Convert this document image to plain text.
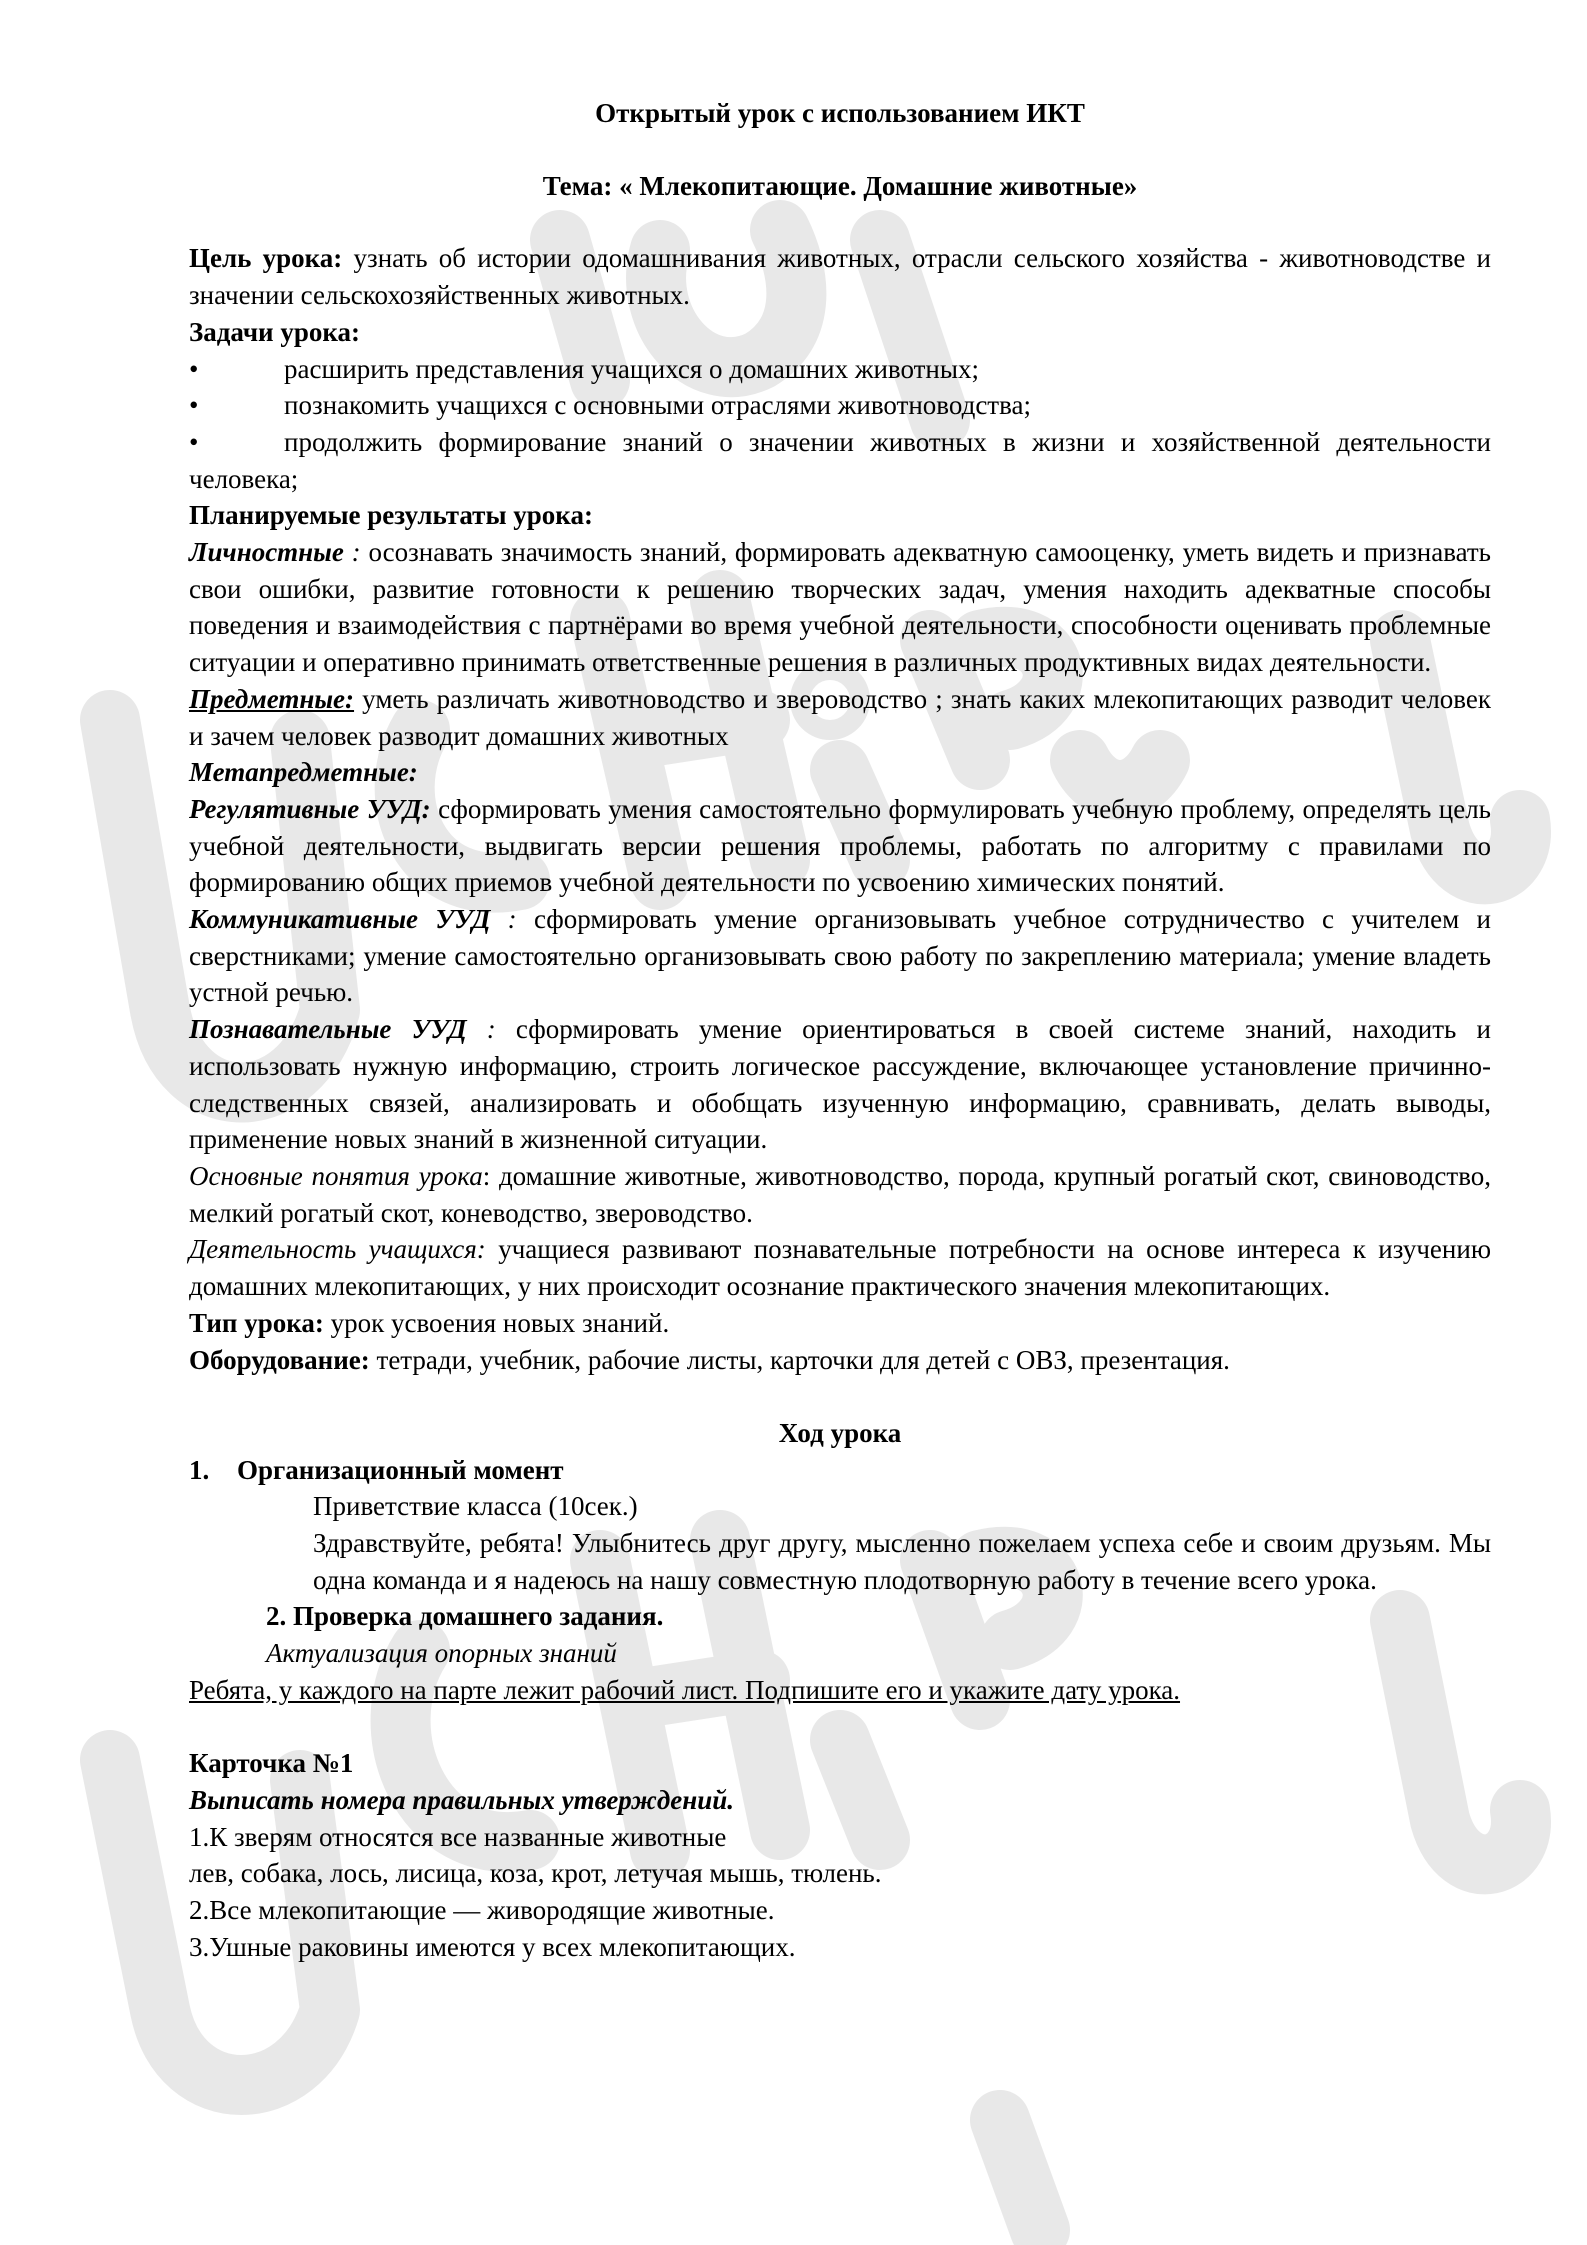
Открытый урок с использованием ИКТ
Тема: « Млекопитающие. Домашние животные»

Цель урока: узнать об истории одомашнивания животных, отрасли сельского хозяйства - животноводстве и значении сельскохозяйственных животных.

Задачи урока:

•	расширить представления учащихся о домашних животных;
•	познакомить учащихся с основными отраслями животноводства;

•	продолжить формирование знаний о значении животных в жизни и хозяйственной деятельности человека;

Планируемые результаты урока:

Личностные : осознавать значимость знаний, формировать адекватную самооценку, уметь видеть и признавать свои ошибки, развитие готовности к решению творческих задач, умения находить адекватные способы поведения и взаимодействия с партнёрами во время учебной деятельности, способности оценивать проблемные ситуации и оперативно принимать ответственные решения в различных продуктивных видах деятельности.

Предметные: уметь различать животноводство и звероводство ; знать каких млекопитающих разводит человек и зачем человек разводит домашних животных

Метапредметные:

Регулятивные УУД: сформировать умения самостоятельно формулировать учебную проблему, определять цель учебной деятельности, выдвигать версии решения проблемы, работать по алгоритму с правилами по формированию общих приемов учебной деятельности по усвоению химических понятий.

Коммуникативные УУД : сформировать умение организовывать учебное сотрудничество с учителем и сверстниками; умение самостоятельно организовывать свою работу по закреплению материала; умение владеть устной речью.

Познавательные УУД : сформировать умение ориентироваться в своей системе знаний, находить и использовать нужную информацию, строить логическое рассуждение, включающее установление причинно-следственных связей, анализировать и обобщать изученную информацию, сравнивать, делать выводы, применение новых знаний в жизненной ситуации.

Основные понятия урока: домашние животные, животноводство, порода, крупный рогатый скот, свиноводство, мелкий рогатый скот, коневодство, звероводство.

Деятельность учащихся: учащиеся развивают познавательные потребности на основе интереса к изучению домашних млекопитающих, у них происходит осознание практического значения млекопитающих.

Тип урока: урок усвоения новых знаний.

Оборудование: тетради, учебник, рабочие листы, карточки для детей с ОВЗ, презентация.

Ход урока

1. Организационный момент

Приветствие класса (10сек.)

Здравствуйте, ребята! Улыбнитесь друг другу, мысленно пожелаем успеха себе и своим друзьям. Мы одна команда и я надеюсь на нашу совместную плодотворную работу в течение всего урока.

2. Проверка домашнего задания.

Актуализация опорных знаний

Ребята, у каждого на парте лежит рабочий лист. Подпишите его и укажите дату урока.

Карточка №1

Выписать номера правильных утверждений.

1.К зверям относятся все названные животные

лев, собака, лось, лисица, коза, крот, летучая мышь, тюлень.

2.Все млекопитающие — живородящие животные.

3.Ушные раковины имеются у всех млекопитающих.
